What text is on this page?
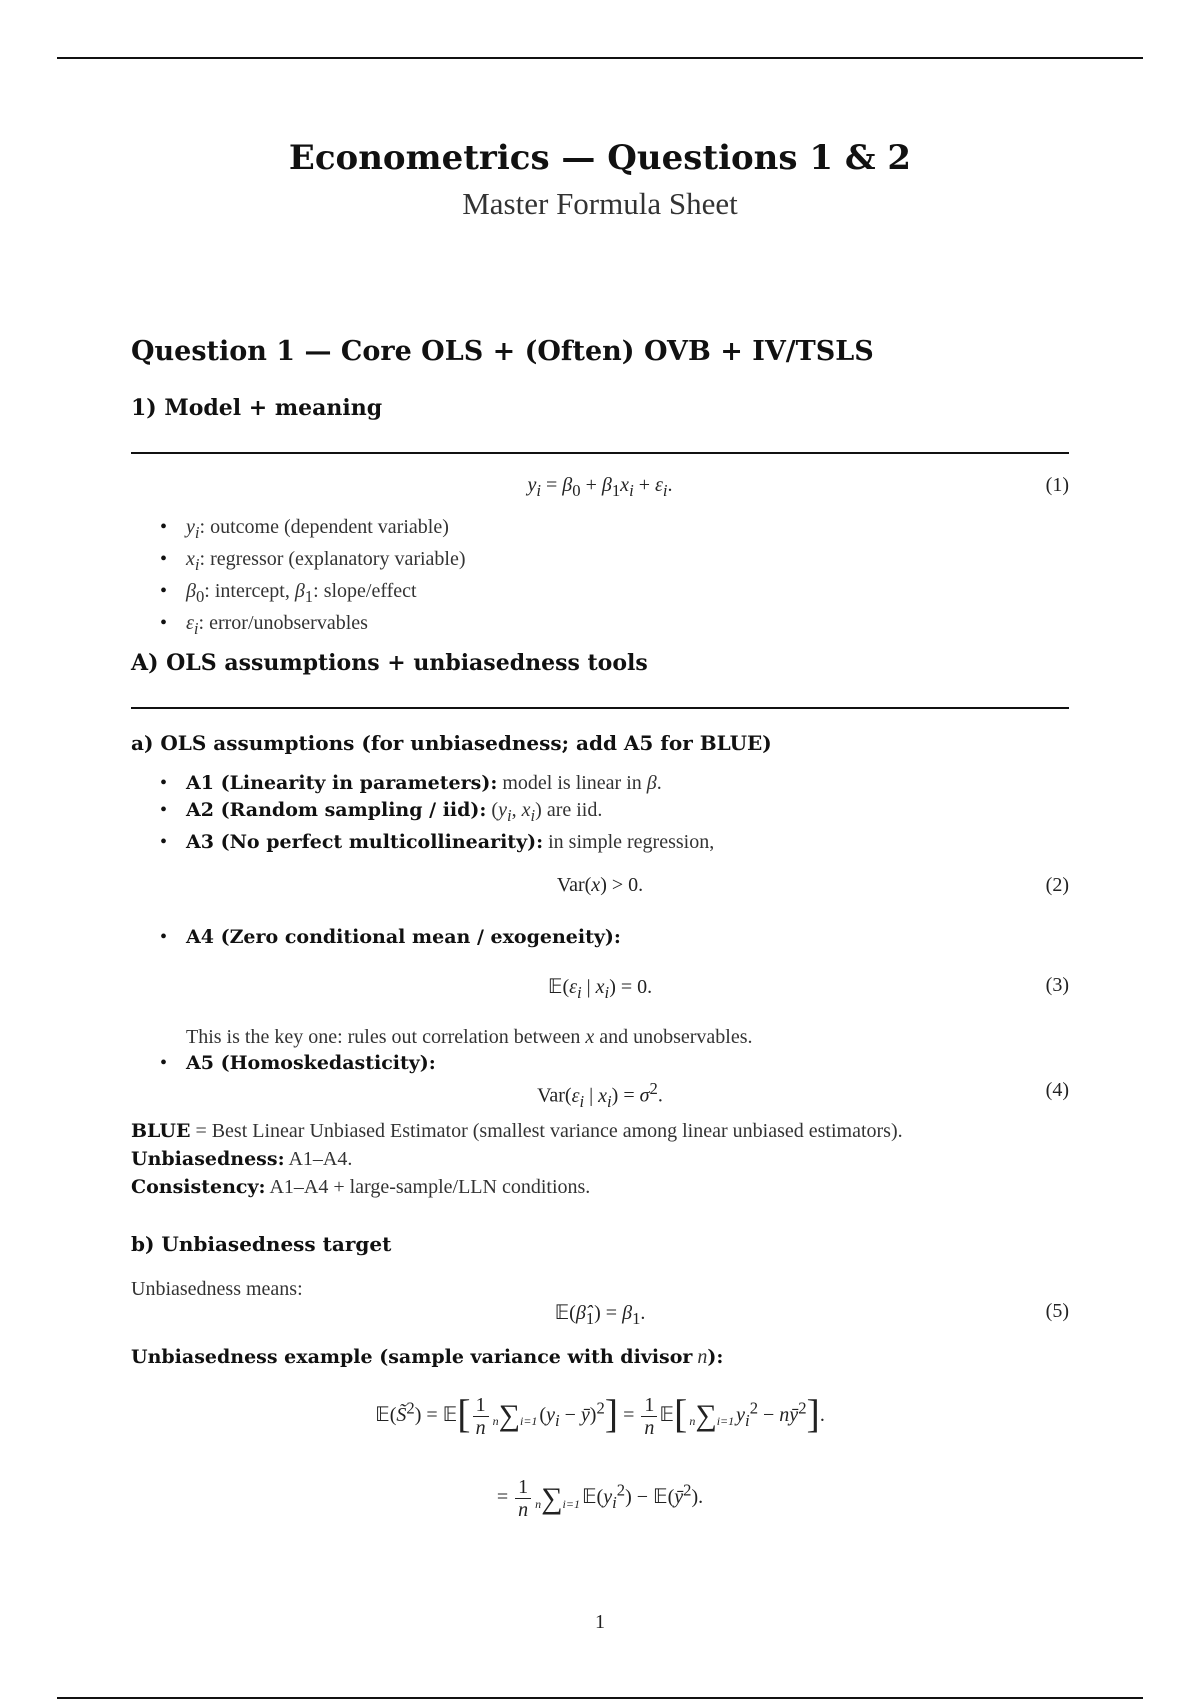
Econometrics — Questions 1 & 2
Master Formula Sheet
Question 1 — Core OLS + (Often) OVB + IV/TSLS
1) Model + meaning
$y_i = \beta_0 + \beta_1x_i + \varepsilon_i$.	(1)
• $y_i$: outcome (dependent variable)
• $x_i$: regressor (explanatory variable)
• $\beta_0$: intercept, $\beta_1$: slope/effect
• $\varepsilon_i$: error/unobservables
A) OLS assumptions + unbiasedness tools
a) OLS assumptions (for unbiasedness; add A5 for BLUE)
• A1 (Linearity in parameters): model is linear in β.
• A2 (Random sampling / iid): ($y_i$, $x_i$) are iid.
• A3 (No perfect multicollinearity): in simple regression,
Var(x) > 0.	(2)
• A4 (Zero conditional mean / exogeneity):
$𝔼(\varepsilon_i$ | $x_i) = 0$.	(3)
This is the key one: rules out correlation between x and unobservables.
• A5 (Homoskedasticity):
$Var(\varepsilon_i$ | $x_i) = \sigma^2$.	(4)
BLUE = Best Linear Unbiased Estimator (smallest variance among linear unbiased estimators).
Unbiasedness: A1–A4.
Consistency: A1–A4 + large-sample/LLN conditions.
b) Unbiasedness target
Unbiasedness means:
$𝔼(\betâ_1) = \beta_1$.	(5)
Unbiasedness example (sample variance with divisor n):
𝔼(S̃$^2$) = 𝔼[ $\frac{1}{n} n\sum i=1$ ($y_i$ − ȳ)$^2$] = $\frac{1}{n}$ 𝔼[ n∑i=1 $y_i^2$ − $nȳ^2$].
= $\frac{1}{n} n\sum i=1$ $𝔼(y_i^2)$ − $𝔼(ȳ^2)$.
1
